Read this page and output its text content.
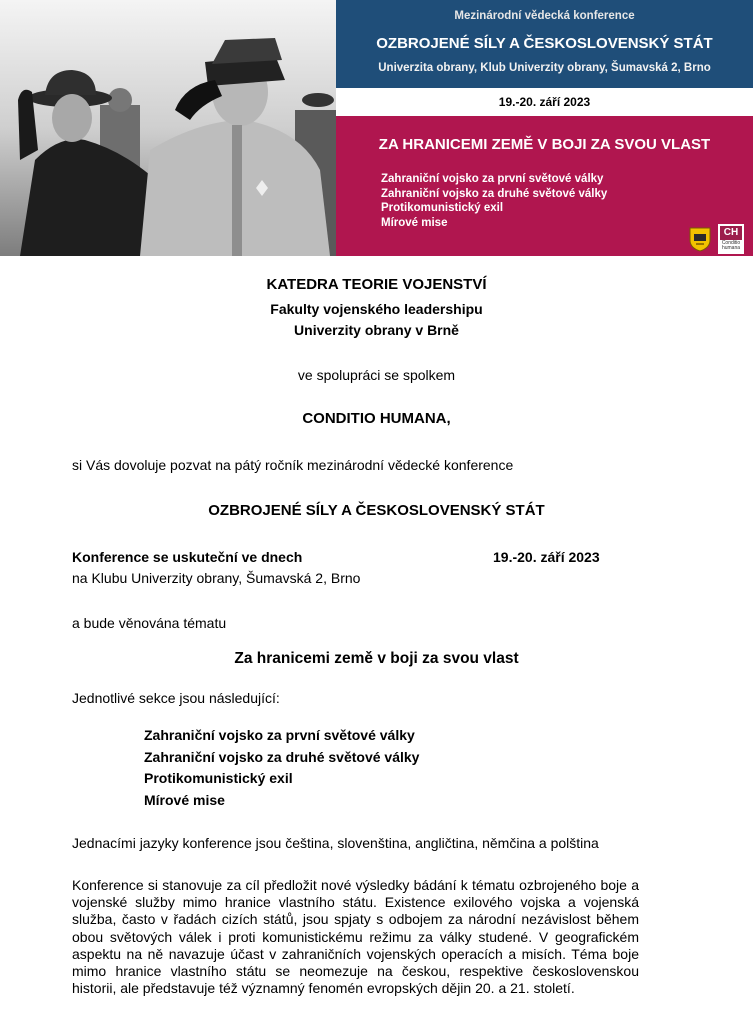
Mezinárodní vědecká konference
OZBROJENÉ SÍLY A ČESKOSLOVENSKÝ STÁT
Univerzita obrany, Klub Univerzity obrany, Šumavská 2, Brno
19.-20. září 2023
ZA HRANICEMI ZEMĚ V BOJI ZA SVOU VLAST
Zahraniční vojsko za první světové války
Zahraniční vojsko za druhé světové války
Protikomunistický exil
Mírové mise
CH
Conditio humana
KATEDRA TEORIE VOJENSTVÍ
Fakulty vojenského leadershipu
Univerzity obrany v Brně
ve spolupráci se spolkem
CONDITIO HUMANA,
si Vás dovoluje pozvat na pátý ročník mezinárodní vědecké konference
OZBROJENÉ SÍLY A ČESKOSLOVENSKÝ STÁT
Konference se uskuteční ve dnech	19.-20. září 2023
na Klubu Univerzity obrany, Šumavská 2, Brno
a bude věnována tématu
Za hranicemi země v boji za svou vlast
Jednotlivé sekce jsou následující:
Zahraniční vojsko za první světové války
Zahraniční vojsko za druhé světové války
Protikomunistický exil
Mírové mise
Jednacími jazyky konference jsou čeština, slovenština, angličtina, němčina a polština

Konference si stanovuje za cíl předložit nové výsledky bádání k tématu ozbrojeného boje a vojenské služby mimo hranice vlastního státu. Existence exilového vojska a vojenská služba, často v řadách cizích států, jsou spjaty s odbojem za národní nezávislost během obou světových válek i proti komunistickému režimu za války studené. V geografickém aspektu na ně navazuje účast v zahraničních vojenských operacích a misích. Téma boje mimo hranice vlastního státu se neomezuje na českou, respektive československou historii, ale představuje též významný fenomén evropských dějin 20. a 21. století.
